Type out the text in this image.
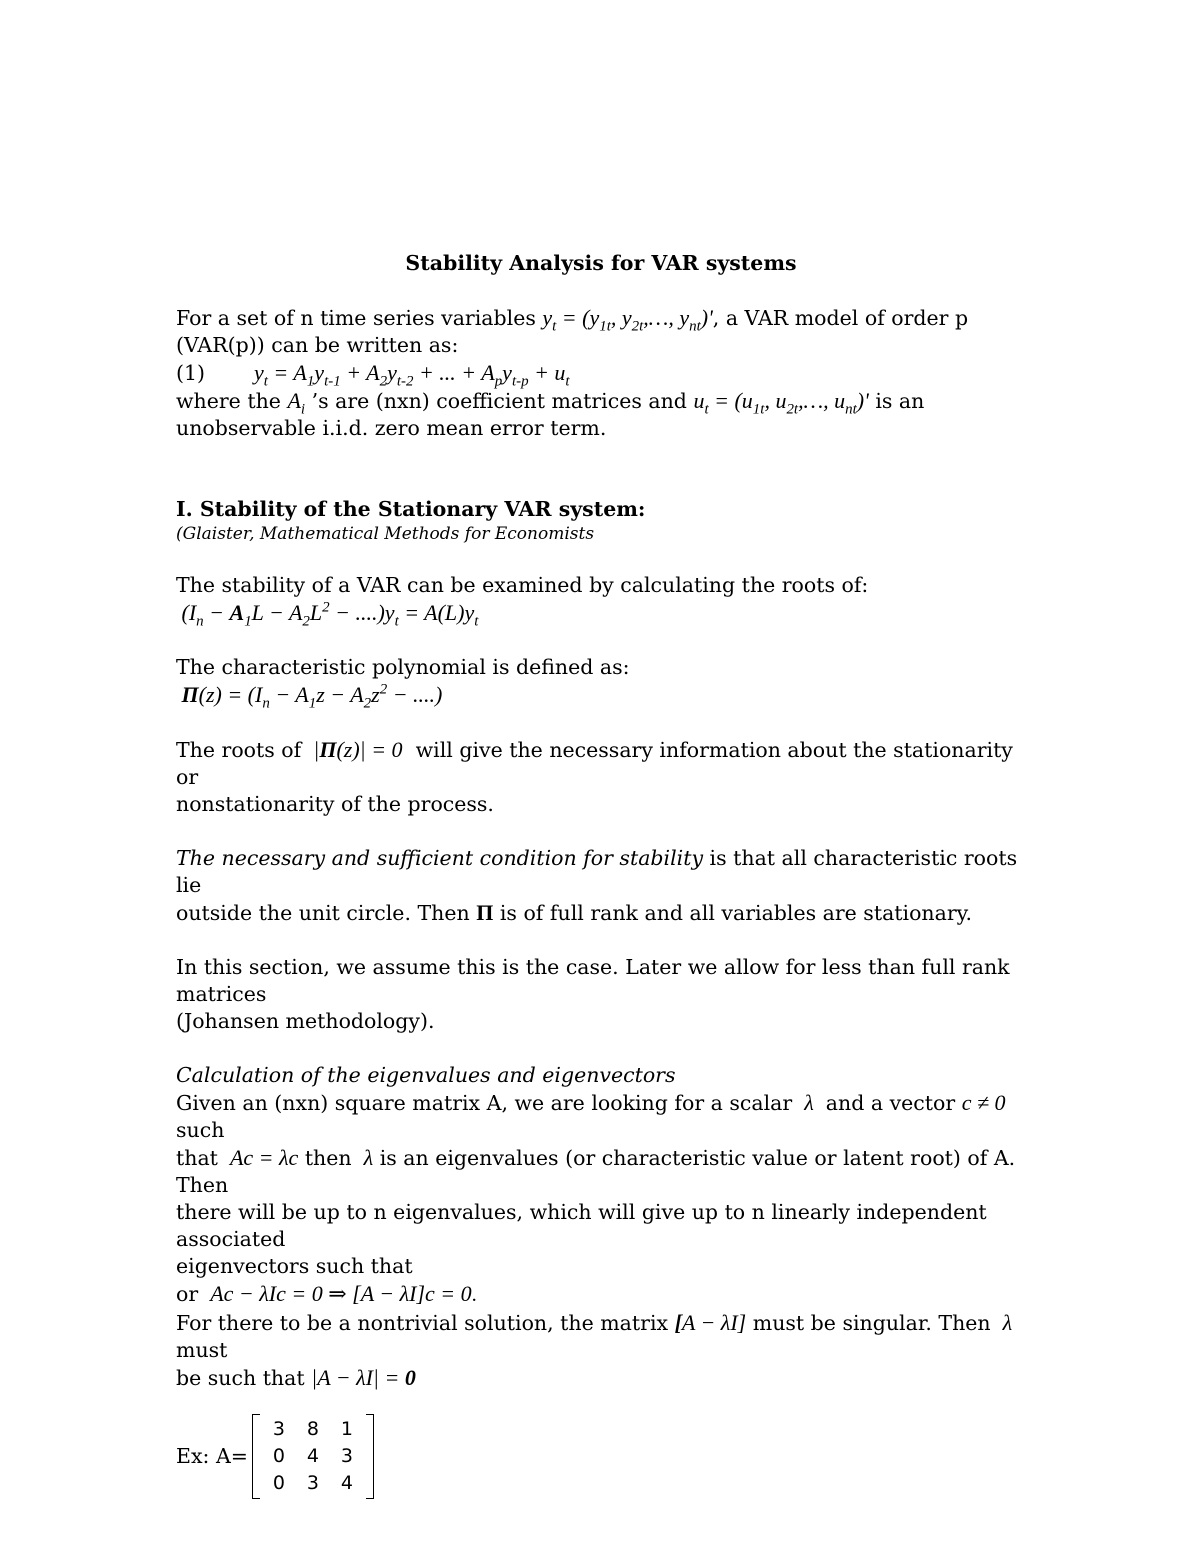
Stability Analysis for VAR systems

For a set of n time series variables $y_t = (y_{1t}$, $y_{2t},\dots$, $y_{nt})'$, a VAR model of order p

(VAR(p)) can be written as:

(1) $y_t = A_1y_{t-1} + A_2y_{t-2}$ + ... + $A_py_{t-p} + u_t$

where the $A_i$ ’s are (nxn) coefficient matrices and $u_t = (u_{1t}$, $u_{2t},\dots$, $u_{nt})'$ is an

unobservable i.i.d. zero mean error term.

I. Stability of the Stationary VAR system:

(Glaister, Mathematical Methods for Economists

The stability of a VAR can be examined by calculating the roots of:

$(I_n - A_1L - A_2L^2 - ....)y_t = A(L)y_t$

The characteristic polynomial is defined as:

$\Pi(z) = (I_n - A_1z - A_2z^2$ − ....)

The roots of  |Π(z)| = 0 will give the necessary information about the stationarity or

nonstationarity of the process.

The necessary and sufficient condition for stability is that all characteristic roots lie

outside the unit circle. Then Π is of full rank and all variables are stationary.

In this section, we assume this is the case. Later we allow for less than full rank matrices

(Johansen methodology).

Calculation of the eigenvalues and eigenvectors

Given an (nxn) square matrix A, we are looking for a scalar  λ  and a vector c ≠ 0 such

that  Ac = λc then  λ is an eigenvalues (or characteristic value or latent root) of A. Then

there will be up to n eigenvalues, which will give up to n linearly independent associated

eigenvectors such that

or  Ac − λIc = 0 ⇒ [A − λI]c = 0.

For there to be a nontrivial solution, the matrix [A − λI] must be singular. Then  λ must

be such that |A − λI| = 0

Ex: A=
3	8	1
0	4	3
0	3	4
